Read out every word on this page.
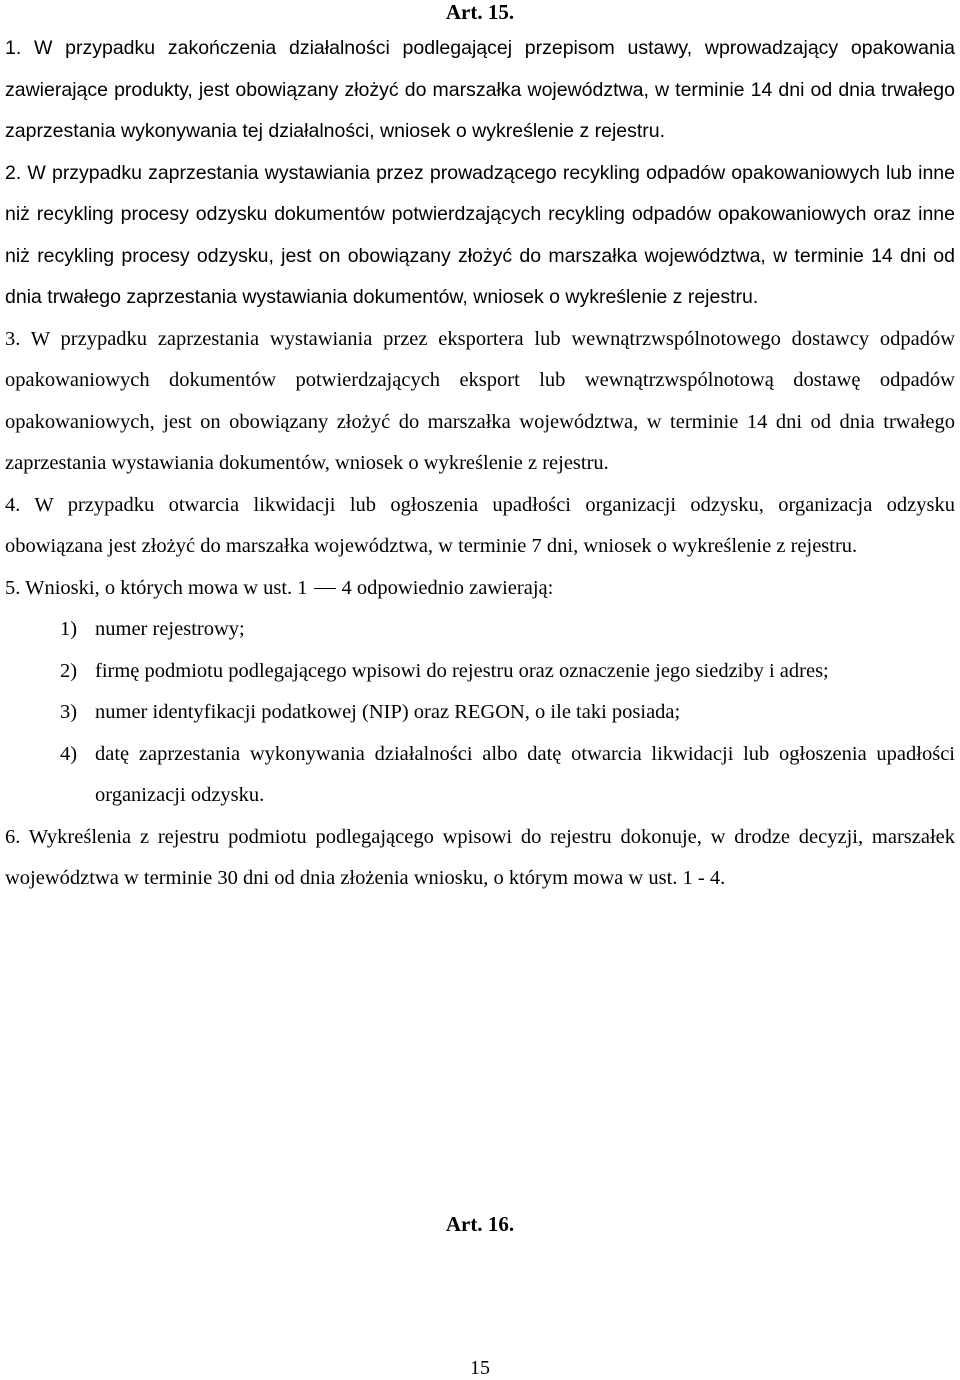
Art. 15.

1. W przypadku zakończenia działalności podlegającej przepisom ustawy, wprowadzający opakowania zawierające produkty, jest obowiązany złożyć do marszałka województwa, w terminie 14 dni od dnia trwałego zaprzestania wykonywania tej działalności, wniosek o wykreślenie z rejestru.

2. W przypadku zaprzestania wystawiania przez prowadzącego recykling odpadów opakowaniowych lub inne niż recykling procesy odzysku dokumentów potwierdzających recykling odpadów opakowaniowych oraz inne niż recykling procesy odzysku, jest on obowiązany złożyć do marszałka województwa, w terminie 14 dni od dnia trwałego zaprzestania wystawiania dokumentów, wniosek o wykreślenie z rejestru.

3. W przypadku zaprzestania wystawiania przez eksportera lub wewnątrzwspólnotowego dostawcy odpadów opakowaniowych dokumentów potwierdzających eksport lub wewnątrzwspólnotową dostawę odpadów opakowaniowych, jest on obowiązany złożyć do marszałka województwa, w terminie 14 dni od dnia trwałego zaprzestania wystawiania dokumentów, wniosek o wykreślenie z rejestru.

4. W przypadku otwarcia likwidacji lub ogłoszenia upadłości organizacji odzysku, organizacja odzysku obowiązana jest złożyć do marszałka województwa, w terminie 7 dni, wniosek o wykreślenie z rejestru.

5. Wnioski, o których mowa w ust. 1 4 odpowiednio zawierają:

1) numer rejestrowy;
2) firmę podmiotu podlegającego wpisowi do rejestru oraz oznaczenie jego siedziby i adres;
3) numer identyfikacji podatkowej (NIP) oraz REGON, o ile taki posiada;
4) datę zaprzestania wykonywania działalności albo datę otwarcia likwidacji lub ogłoszenia upadłości organizacji odzysku.

6. Wykreślenia z rejestru podmiotu podlegającego wpisowi do rejestru dokonuje, w drodze decyzji, marszałek województwa w terminie 30 dni od dnia złożenia wniosku, o którym mowa w ust. 1 - 4.

Art. 16.
15
